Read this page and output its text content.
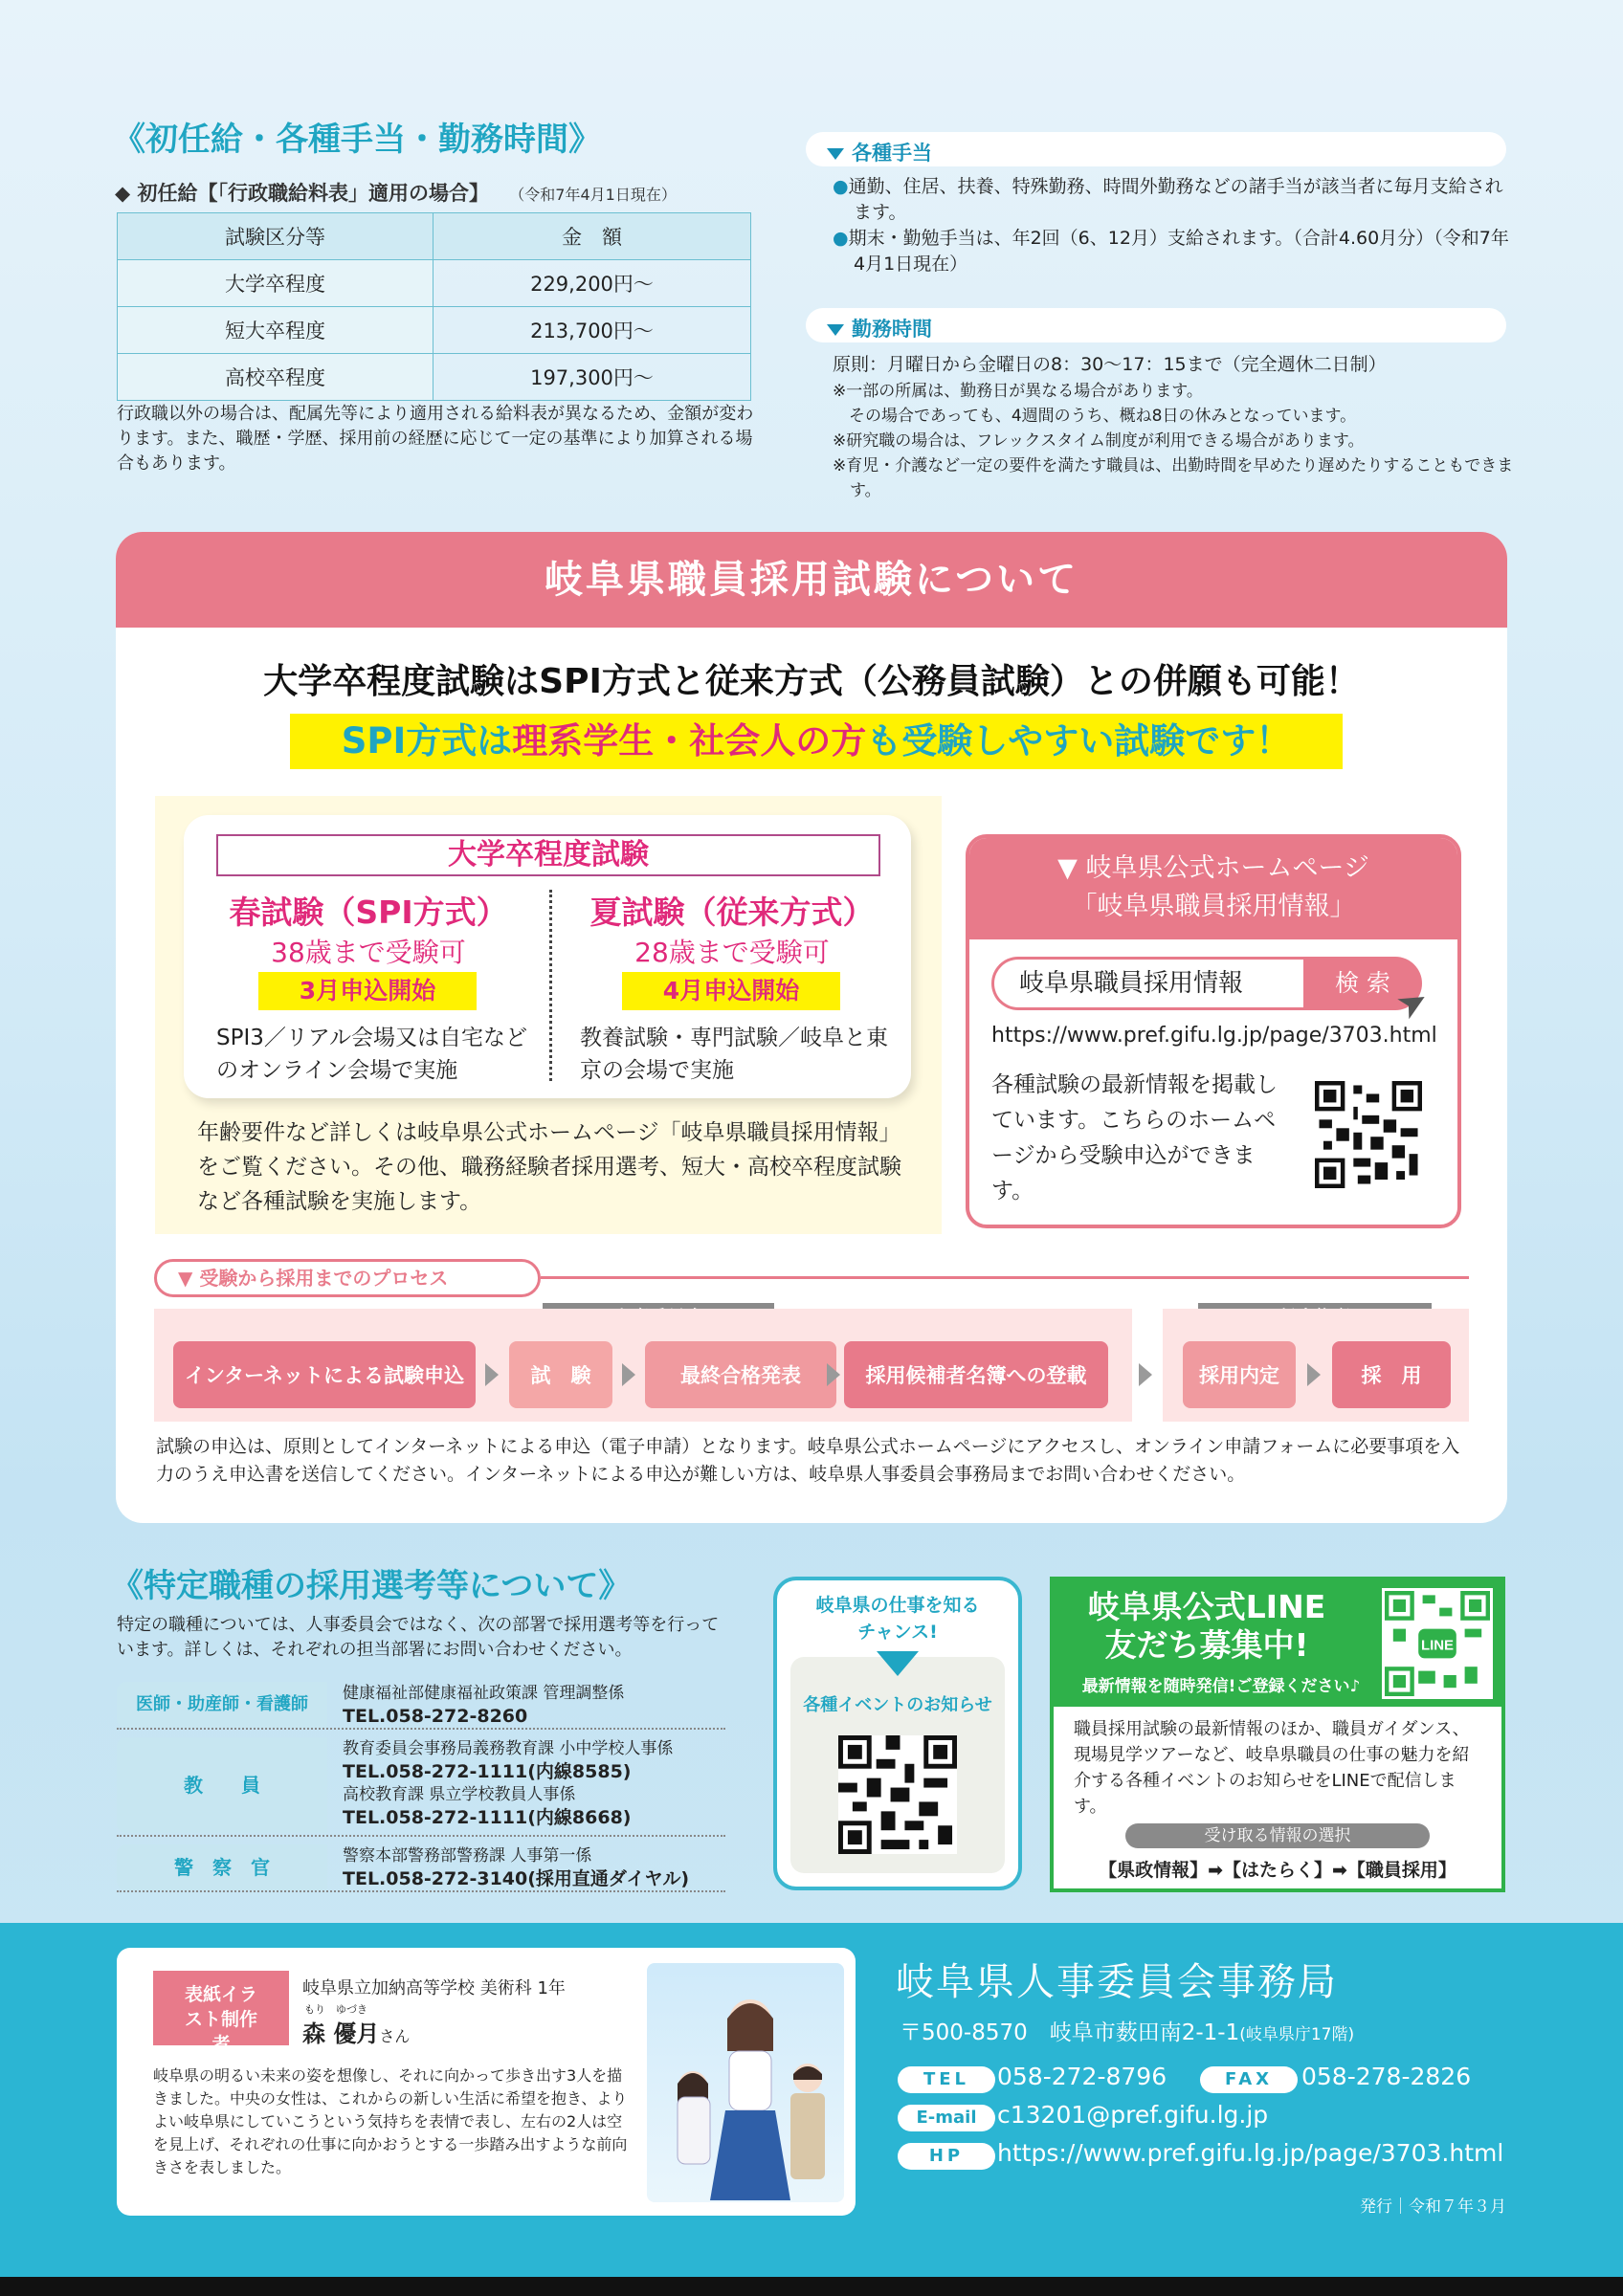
《初任給・各種手当・勤務時間》
◆ 初任給【「行政職給料表」適用の場合】 （令和7年4月1日現在）
試験区分等	金　額
大学卒程度	229,200円～
短大卒程度	213,700円～
高校卒程度	197,300円～
行政職以外の場合は、配属先等により適用される給料表が異なるため、金額が変わります。また、職歴・学歴、採用前の経歴に応じて一定の基準により加算される場合もあります。
各種手当
●通勤、住居、扶養、特殊勤務、時間外勤務などの諸手当が該当者に毎月支給されます。
●期末・勤勉手当は、年2回（6、12月）支給されます。（合計4.60月分）（令和7年4月1日現在）
勤務時間
原則：月曜日から金曜日の8：30～17：15まで（完全週休二日制）
※一部の所属は、勤務日が異なる場合があります。
　その場合であっても、4週間のうち、概ね8日の休みとなっています。
※研究職の場合は、フレックスタイム制度が利用できる場合があります。
※育児・介護など一定の要件を満たす職員は、出勤時間を早めたり遅めたりすることもできます。
岐阜県職員採用試験について
大学卒程度試験はSPI方式と従来方式（公務員試験）との併願も可能！
SPI方式は理系学生・社会人の方も受験しやすい試験です！
大学卒程度試験
春試験（SPI方式）
38歳まで受験可
3月申込開始
SPI3／リアル会場又は自宅などのオンライン会場で実施
夏試験（従来方式）
28歳まで受験可
4月申込開始
教養試験・専門試験／岐阜と東京の会場で実施
年齢要件など詳しくは岐阜県公式ホームページ「岐阜県職員採用情報」をご覧ください。その他、職務経験者採用選考、短大・高校卒程度試験など各種試験を実施します。
▼ 岐阜県公式ホームページ
「岐阜県職員採用情報」
岐阜県職員採用情報	検 索
➤
https://www.pref.gifu.lg.jp/page/3703.html
各種試験の最新情報を掲載しています。こちらのホームページから受験申込ができます。
▼ 受験から採用までのプロセス
インターネットによる試験申込	試　験	最終合格発表	採用候補者名簿への登載	採用内定	採　用
試験の申込は、原則としてインターネットによる申込（電子申請）となります。岐阜県公式ホームページにアクセスし、オンライン申請フォームに必要事項を入力のうえ申込書を送信してください。インターネットによる申込が難しい方は、岐阜県人事委員会事務局までお問い合わせください。
《特定職種の採用選考等について》
特定の職種については、人事委員会ではなく、次の部署で採用選考等を行っています。詳しくは、それぞれの担当部署にお問い合わせください。
医師・助産師・看護師
健康福祉部健康福祉政策課 管理調整係
TEL.058-272-8260
教　　員
教育委員会事務局義務教育課 小中学校人事係
TEL.058-272-1111(内線8585)
高校教育課 県立学校教員人事係
TEL.058-272-1111(内線8668)
警　察　官	警察本部警務部警務課 人事第一係
TEL.058-272-3140(採用直通ダイヤル)
岐阜県の仕事を知るチャンス!
各種イベントのお知らせ
岐阜県公式LINE
友だち募集中!
最新情報を随時発信!ご登録ください♪
LINE
職員採用試験の最新情報のほか、職員ガイダンス、現場見学ツアーなど、岐阜県職員の仕事の魅力を紹介する各種イベントのお知らせをLINEで配信します。
受け取る情報の選択
【県政情報】➡【はたらく】➡【職員採用】
表紙イラスト制作者
岐阜県立加納高等学校 美術科 1年
もり　ゆづき
森 優月さん
岐阜県の明るい未来の姿を想像し、それに向かって歩き出す3人を描きました。中央の女性は、これからの新しい生活に希望を抱き、よりよい岐阜県にしていこうという気持ちを表情で表し、左右の2人は空を見上げ、それぞれの仕事に向かおうとする一歩踏み出すような前向きさを表しました。
岐阜県人事委員会事務局
〒500-8570　岐阜市薮田南2-1-1(岐阜県庁17階)
TEL	058-272-8796	FAX	058-278-2826
E-mail c13201@pref.gifu.lg.jp
HP	https://www.pref.gifu.lg.jp/page/3703.html
発行｜令和７年３月
